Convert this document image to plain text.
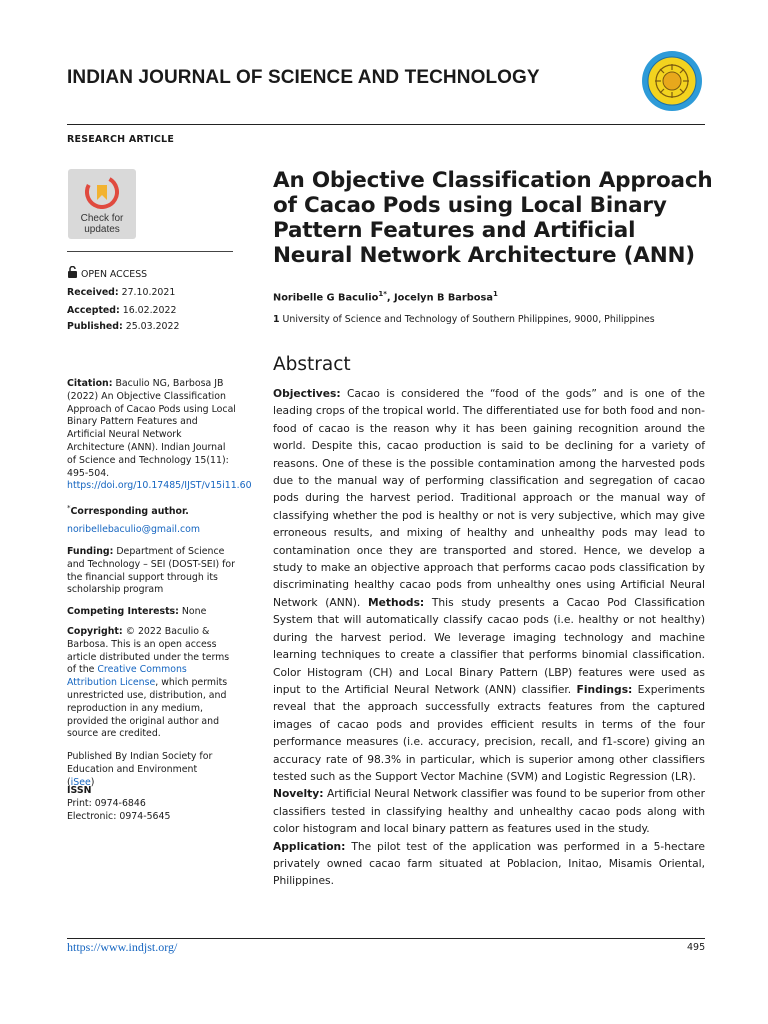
INDIAN JOURNAL OF SCIENCE AND TECHNOLOGY
RESEARCH ARTICLE
Check for
updates
OPEN ACCESS
Received: 27.10.2021
Accepted: 16.02.2022
Published: 25.03.2022
Citation: Baculio NG, Barbosa JB (2022) An Objective Classification Approach of Cacao Pods using Local Binary Pattern Features and Artificial Neural Network Architecture (ANN). Indian Journal of Science and Technology 15(11): 495-504. https://doi.org/10.17485/IJST/v15i11.60
*Corresponding author.
noribellebaculio@gmail.com
Funding: Department of Science and Technology – SEI (DOST-SEI) for the financial support through its scholarship program
Competing Interests: None
Copyright: © 2022 Baculio & Barbosa. This is an open access article distributed under the terms of the Creative Commons Attribution License, which permits unrestricted use, distribution, and reproduction in any medium, provided the original author and source are credited.
Published By Indian Society for Education and Environment (iSee)
ISSN
Print: 0974-6846
Electronic: 0974-5645
An Objective Classification Approach of Cacao Pods using Local Binary Pattern Features and Artificial Neural Network Architecture (ANN)
Noribelle G Baculio$^{1*}$, Jocelyn B Barbosa$^1$
1 University of Science and Technology of Southern Philippines, 9000, Philippines
Abstract
Objectives: Cacao is considered the “food of the gods” and is one of the leading crops of the tropical world. The differentiated use for both food and non-food of cacao is the reason why it has been gaining recognition around the world. Despite this, cacao production is said to be declining for a variety of reasons. One of these is the possible contamination among the harvested pods due to the manual way of performing classification and segregation of cacao pods during the harvest period. Traditional approach or the manual way of classifying whether the pod is healthy or not is very subjective, which may give erroneous results, and mixing of healthy and unhealthy pods may lead to contamination once they are transported and stored. Hence, we develop a study to make an objective approach that performs cacao pods classification by discriminating healthy cacao pods from unhealthy ones using Artificial Neural Network (ANN). Methods: This study presents a Cacao Pod Classification System that will automatically classify cacao pods (i.e. healthy or not healthy) during the harvest period. We leverage imaging technology and machine learning techniques to create a classifier that performs binomial classification. Color Histogram (CH) and Local Binary Pattern (LBP) features were used as input to the Artificial Neural Network (ANN) classifier. Findings: Experiments reveal that the approach successfully extracts features from the captured images of cacao pods and provides efficient results in terms of the four performance measures (i.e. accuracy, precision, recall, and f1-score) giving an accuracy rate of 98.3% in particular, which is superior among other classifiers tested such as the Support Vector Machine (SVM) and Logistic Regression (LR).
Novelty: Artificial Neural Network classifier was found to be superior from other classifiers tested in classifying healthy and unhealthy cacao pods along with color histogram and local binary pattern as features used in the study.
Application: The pilot test of the application was performed in a 5-hectare privately owned cacao farm situated at Poblacion, Initao, Misamis Oriental, Philippines.
https://www.indjst.org/	495
